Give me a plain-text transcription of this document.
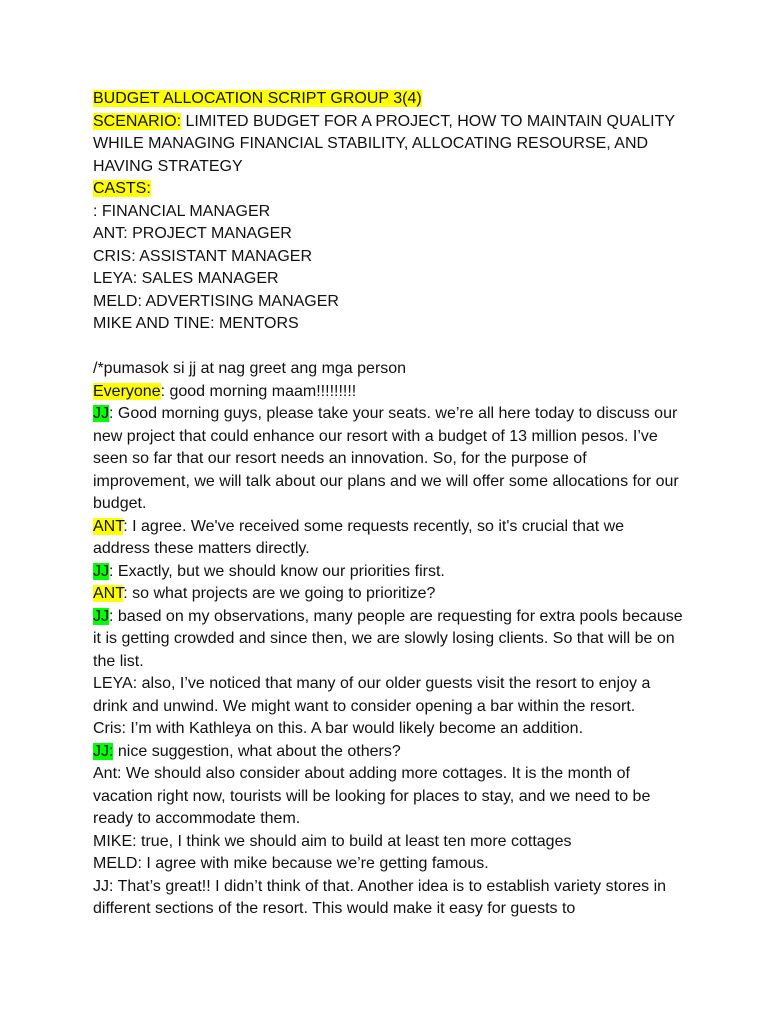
BUDGET ALLOCATION SCRIPT GROUP 3(4)
SCENARIO: LIMITED BUDGET FOR A PROJECT, HOW TO MAINTAIN QUALITY WHILE MANAGING FINANCIAL STABILITY, ALLOCATING RESOURSE, AND HAVING STRATEGY
CASTS:
: FINANCIAL MANAGER
ANT: PROJECT MANAGER
CRIS: ASSISTANT MANAGER
LEYA: SALES MANAGER
MELD: ADVERTISING MANAGER
MIKE AND TINE: MENTORS
/*pumasok si jj at nag greet ang mga person
Everyone: good morning maam!!!!!!!!!
JJ: Good morning guys, please take your seats. we’re all here today to discuss our new project that could enhance our resort with a budget of 13 million pesos. I’ve seen so far that our resort needs an innovation. So, for the purpose of improvement, we will talk about our plans and we will offer some allocations for our budget.
ANT: I agree. We've received some requests recently, so it's crucial that we address these matters directly.
JJ: Exactly, but we should know our priorities first.
ANT: so what projects are we going to prioritize?
JJ: based on my observations, many people are requesting for extra pools because it is getting crowded and since then, we are slowly losing clients. So that will be on the list.
LEYA: also, I’ve noticed that many of our older guests visit the resort to enjoy a drink and unwind. We might want to consider opening a bar within the resort.
Cris: I’m with Kathleya on this. A bar would likely become an addition.
JJ: nice suggestion, what about the others?
Ant: We should also consider about adding more cottages. It is the month of vacation right now, tourists will be looking for places to stay, and we need to be ready to accommodate them.
MIKE: true, I think we should aim to build at least ten more cottages
MELD: I agree with mike because we’re getting famous.
JJ: That’s great!! I didn’t think of that. Another idea is to establish variety stores in different sections of the resort. This would make it easy for guests to
